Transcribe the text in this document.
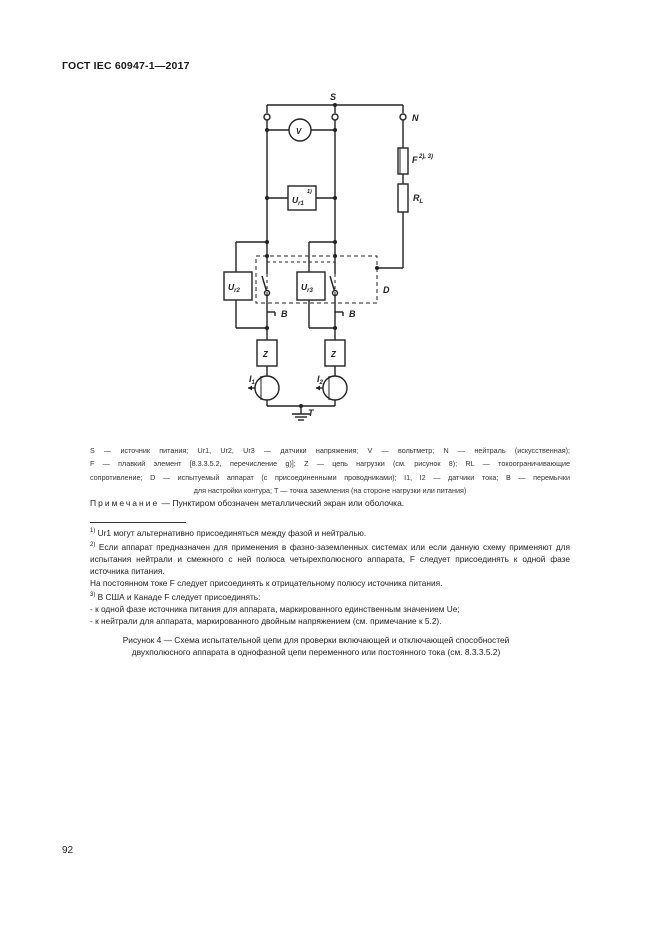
ГОСТ IEC 60947-1—2017
S
N
V
$U_r1$
1)
F 2), 3)
$R_L$
$U_r2$	$U_r3$	D
B	B
Z	Z
$I_1$	$I_2$
T
S — источник питания; Ur1, Ur2, Ur3 — датчики напряжения; V — вольтметр; N — нейтраль (искусственная);
F — плавкий элемент [8.3.3.5.2, перечисление g)]; Z — цепь нагрузки (см. рисунок 8); RL — токоограничивающие
сопротивление; D — испытуемый аппарат (с присоединенными проводниками); I1, I2 — датчики тока; B — перемычки
для настройки контура; T — точка заземления (на стороне нагрузки или питания)
Примечание — Пунктиром обозначен металлический экран или оболочка.

$^{1)}$ Ur1 могут альтернативно присоединяться между фазой и нейтралью.

$^{2)}$ Если аппарат предназначен для применения в фазно-заземленных системах или если данную схему применяют для испытания нейтрали и смежного с ней полюса четырехполюсного аппарата, F следует присоединять к одной фазе источника питания.

На постоянном токе F следует присоединять к отрицательному полюсу источника питания.

$^{3)}$ В США и Канаде F следует присоединять:

- к одной фазе источника питания для аппарата, маркированного единственным значением Ue;

- к нейтрали для аппарата, маркированного двойным напряжением (см. примечание к 5.2).

Рисунок 4 — Схема испытательной цепи для проверки включающей и отключающей способностей
двухполюсного аппарата в однофазной цепи переменного или постоянного тока (см. 8.3.3.5.2)
92
